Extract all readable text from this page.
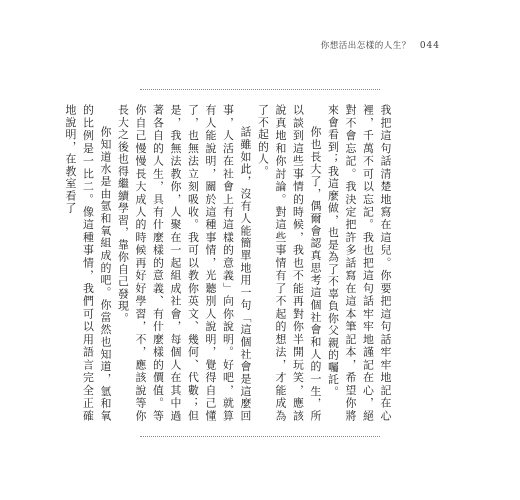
你想活出怎樣的人生？ 044

我把這句話清楚地寫在這兒。你要把這句話牢牢地記在心裡，千萬不可以忘記。我也把這句話牢牢地謹記在心，絕對不會忘記。我決定把許多話寫在這本筆記本，希望你將來會看到；我這麼做，也是為了不辜負你父親的囑託。

你也長大了，偶爾會認真思考這個社會和人的一生，所以談到這些事情的時候，我也不能再對你半開玩笑，應該說真地和你討論。對這些事情有了不起的想法，才能成為了不起的人。

話雖如此，沒有人能簡單地用一句「這個社會是這麼回事，人活在社會上有這樣的意義」向你說明。好吧，就算有人能說明，關於這種事情，光聽別人說明，覺得自己懂了，也無法立刻吸收。我可以教你英文、幾何、代數；但是，我無法教你，人聚在一起組成社會，每個人在其中過著各自的人生，具有什麼樣的意義、有什麼樣的價值。等你自己慢慢長大成人的時候再好好學習，不，應該說等你長大之後也得繼續學習，靠你自己發現。

你知道水是由氫和氧組成的吧。你當然也知道，氫和氧的比例是一比二。像這種事情，我們可以用語言完全正確地說明，在教室看了
